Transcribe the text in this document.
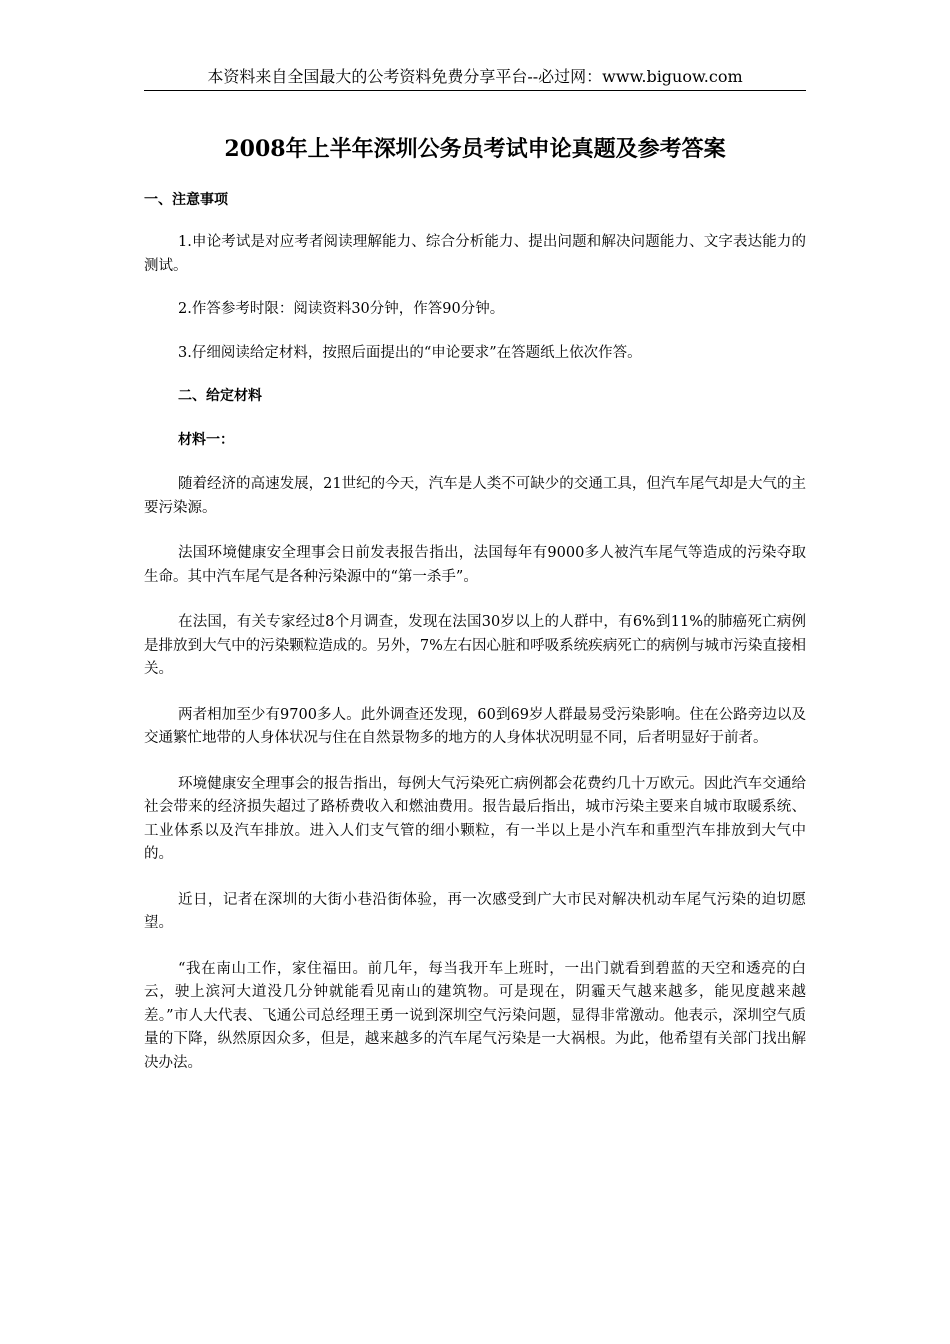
本资料来自全国最大的公考资料免费分享平台--必过网：www.biguow.com
2008年上半年深圳公务员考试申论真题及参考答案
一、注意事项

1.申论考试是对应考者阅读理解能力、综合分析能力、提出问题和解决问题能力、文字表达能力的测试。

2.作答参考时限：阅读资料30分钟，作答90分钟。

3.仔细阅读给定材料，按照后面提出的“申论要求”在答题纸上依次作答。

二、给定材料
材料一：

随着经济的高速发展，21世纪的今天，汽车是人类不可缺少的交通工具，但汽车尾气却是大气的主要污染源。

法国环境健康安全理事会日前发表报告指出，法国每年有9000多人被汽车尾气等造成的污染夺取生命。其中汽车尾气是各种污染源中的“第一杀手”。

在法国，有关专家经过8个月调查，发现在法国30岁以上的人群中，有6%到11%的肺癌死亡病例是排放到大气中的污染颗粒造成的。另外，7%左右因心脏和呼吸系统疾病死亡的病例与城市污染直接相关。

两者相加至少有9700多人。此外调查还发现，60到69岁人群最易受污染影响。住在公路旁边以及交通繁忙地带的人身体状况与住在自然景物多的地方的人身体状况明显不同，后者明显好于前者。

环境健康安全理事会的报告指出，每例大气污染死亡病例都会花费约几十万欧元。因此汽车交通给社会带来的经济损失超过了路桥费收入和燃油费用。报告最后指出，城市污染主要来自城市取暖系统、工业体系以及汽车排放。进入人们支气管的细小颗粒，有一半以上是小汽车和重型汽车排放到大气中的。

近日，记者在深圳的大街小巷沿街体验，再一次感受到广大市民对解决机动车尾气污染的迫切愿望。

“我在南山工作，家住福田。前几年，每当我开车上班时，一出门就看到碧蓝的天空和透亮的白云，驶上滨河大道没几分钟就能看见南山的建筑物。可是现在，阴霾天气越来越多，能见度越来越差。”市人大代表、飞通公司总经理王勇一说到深圳空气污染问题，显得非常激动。他表示，深圳空气质量的下降，纵然原因众多，但是，越来越多的汽车尾气污染是一大祸根。为此，他希望有关部门找出解决办法。
